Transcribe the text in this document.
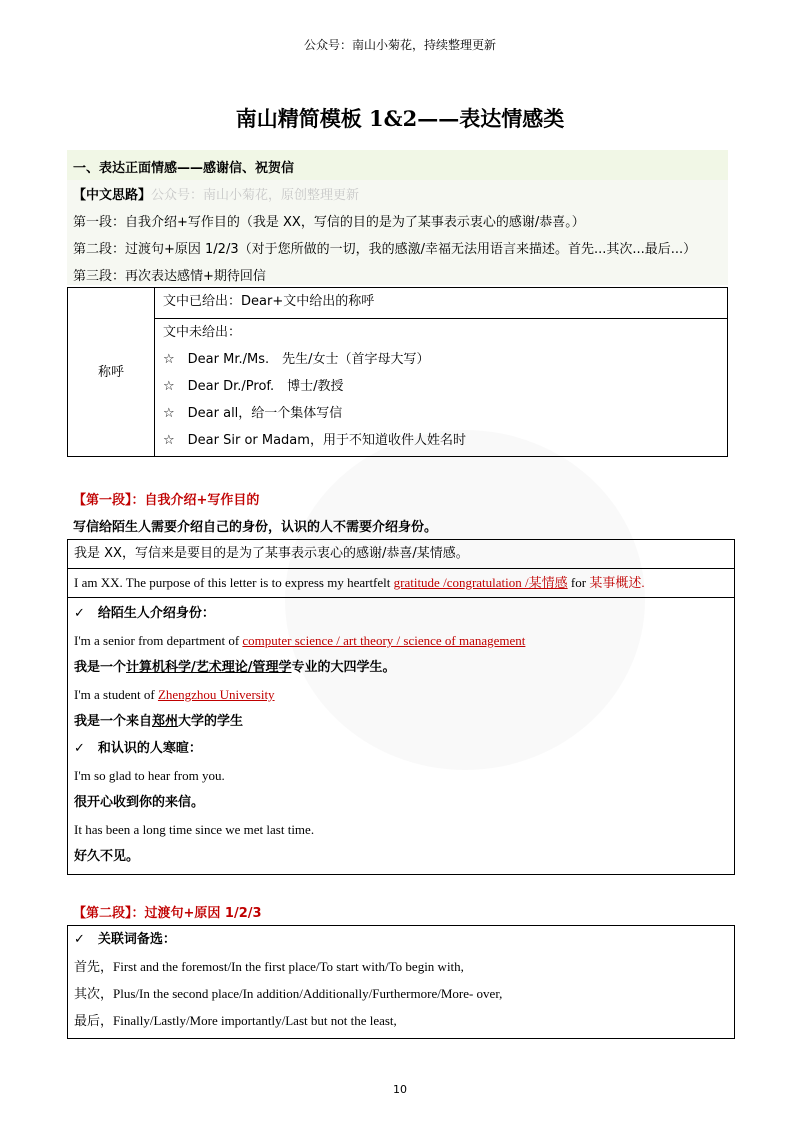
公众号：南山小菊花，持续整理更新
南山精简模板 1&2——表达情感类
一、表达正面情感——感谢信、祝贺信
【中文思路】公众号：南山小菊花，原创整理更新
第一段：自我介绍+写作目的（我是 XX，写信的目的是为了某事表示衷心的感谢/恭喜。）
第二段：过渡句+原因 1/2/3（对于您所做的一切，我的感激/幸福无法用语言来描述。首先...其次...最后...）
第三段：再次表达感情+期待回信
称呼	
文中已给出：Dear+文中给出的称呼

文中未给出：
☆　Dear Mr./Ms.　先生/女士（首字母大写）
☆　Dear Dr./Prof.　博士/教授
☆　Dear all，给一个集体写信
☆　Dear Sir or Madam，用于不知道收件人姓名时
【第一段】：自我介绍+写作目的
写信给陌生人需要介绍自己的身份，认识的人不需要介绍身份。
我是 XX，写信来是要目的是为了某事表示衷心的感谢/恭喜/某情感。

I am XX. The purpose of this letter is to express my heartfelt gratitude /congratulation /某情感 for 某事概述.

✓　给陌生人介绍身份：
I'm a senior from department of computer science / art theory / science of management
我是一个计算机科学/艺术理论/管理学专业的大四学生。
I'm a student of Zhengzhou University
我是一个来自郑州大学的学生
✓　和认识的人寒暄：
I'm so glad to hear from you.
很开心收到你的来信。
It has been a long time since we met last time.
好久不见。
【第二段】：过渡句+原因 1/2/3
✓　关联词备选：
首先，First and the foremost/In the first place/To start with/To begin with,
其次，Plus/In the second place/In addition/Additionally/Furthermore/More- over,
最后，Finally/Lastly/More importantly/Last but not the least,
10
